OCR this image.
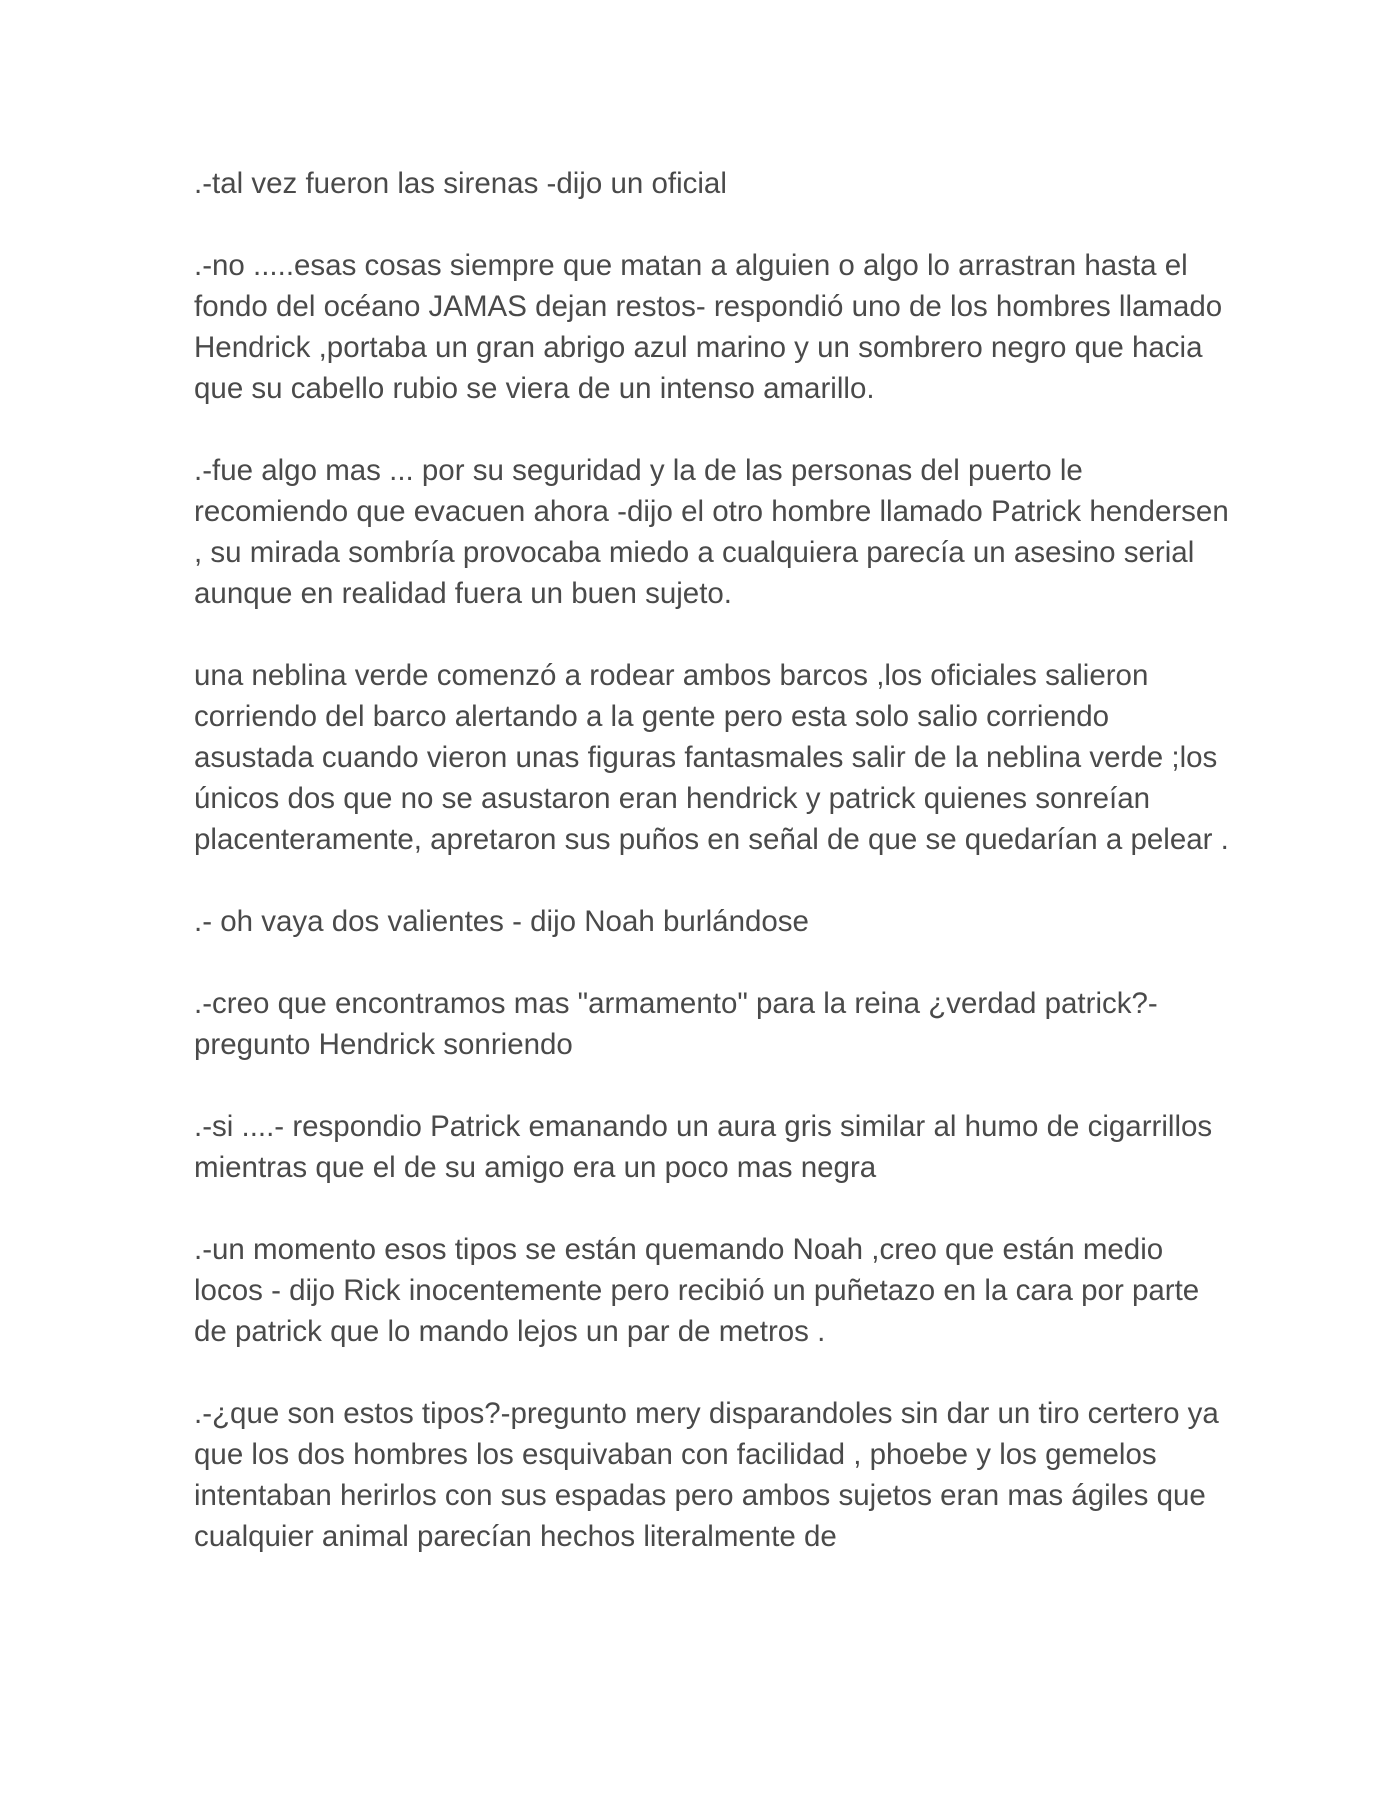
.-tal vez fueron las sirenas -dijo un oficial

.-no .....esas cosas siempre que matan a alguien o algo lo arrastran hasta el fondo del océano JAMAS dejan restos- respondió uno de los hombres llamado Hendrick ,portaba un gran abrigo azul marino y un sombrero negro que hacia que su cabello rubio se viera de un intenso amarillo.

.-fue algo mas ... por su seguridad y la de las personas del puerto le recomiendo que evacuen ahora -dijo el otro hombre llamado Patrick hendersen , su mirada sombría provocaba miedo a cualquiera parecía un asesino serial aunque en realidad fuera un buen sujeto.

una neblina verde comenzó a rodear ambos barcos ,los oficiales salieron corriendo del barco alertando a la gente pero esta solo salio corriendo asustada cuando vieron unas figuras fantasmales salir de la neblina verde ;los únicos dos que no se asustaron eran hendrick y patrick quienes sonreían placenteramente, apretaron sus puños en señal de que se quedarían a pelear .

.- oh vaya dos valientes - dijo Noah burlándose

.-creo que encontramos mas "armamento" para la reina ¿verdad patrick?- pregunto Hendrick sonriendo

.-si ....- respondio Patrick emanando un aura gris similar al humo de cigarrillos mientras que el de su amigo era un poco mas negra

.-un momento esos tipos se están quemando Noah ,creo que están medio locos - dijo Rick inocentemente pero recibió un puñetazo en la cara por parte de patrick que lo mando lejos un par de metros .

.-¿que son estos tipos?-pregunto mery disparandoles sin dar un tiro certero ya que los dos hombres los esquivaban con facilidad , phoebe y los gemelos intentaban herirlos con sus espadas pero ambos sujetos eran mas ágiles que cualquier animal parecían hechos literalmente de
